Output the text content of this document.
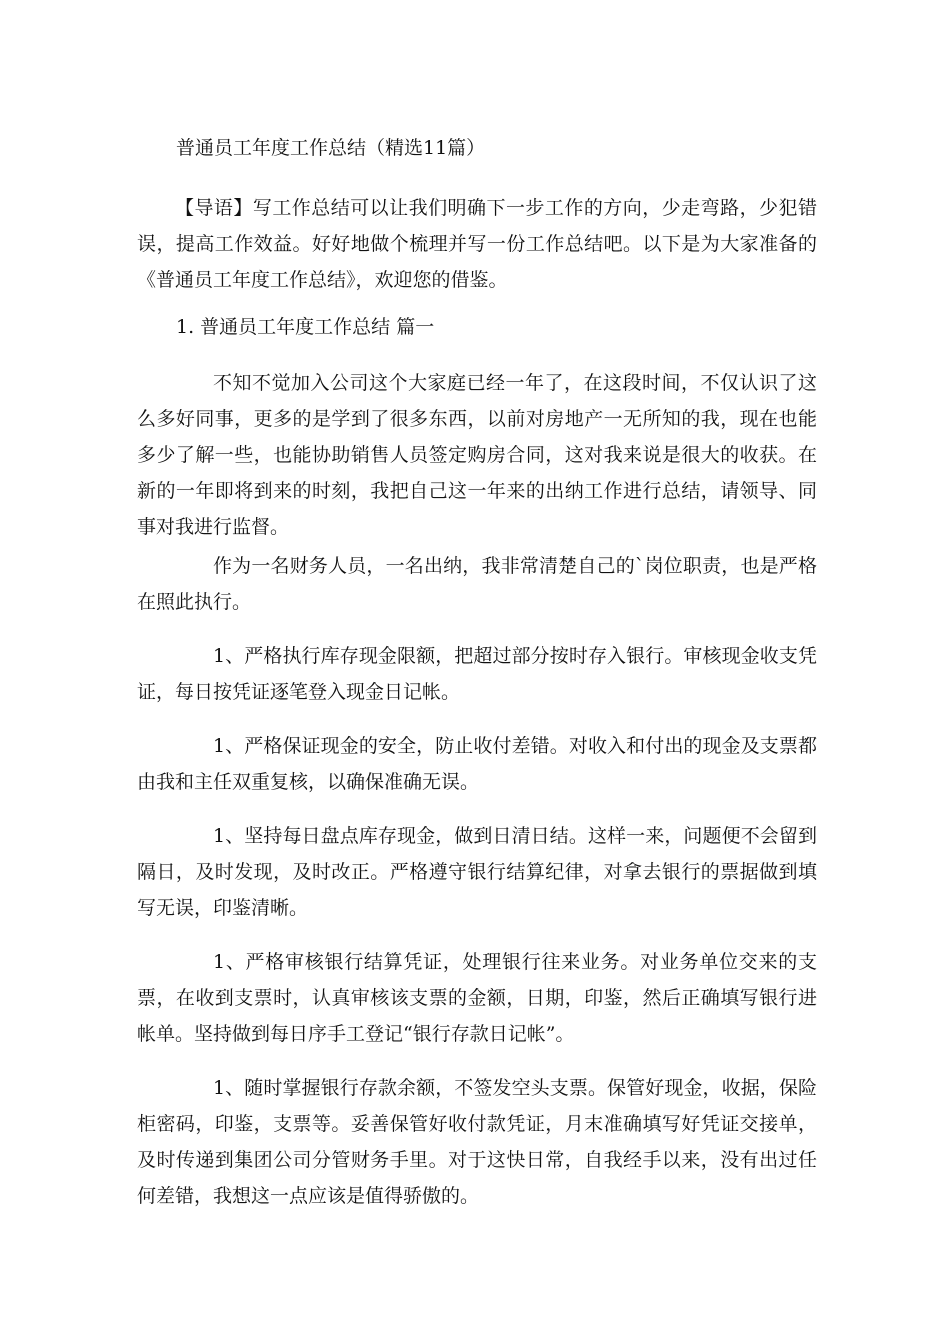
普通员工年度工作总结（精选11篇）

【导语】写工作总结可以让我们明确下一步工作的方向，少走弯路，少犯错误，提高工作效益。好好地做个梳理并写一份工作总结吧。以下是为大家准备的《普通员工年度工作总结》，欢迎您的借鉴。

1. 普通员工年度工作总结 篇一

不知不觉加入公司这个大家庭已经一年了，在这段时间，不仅认识了这么多好同事，更多的是学到了很多东西，以前对房地产一无所知的我，现在也能多少了解一些，也能协助销售人员签定购房合同，这对我来说是很大的收获。在新的一年即将到来的时刻，我把自己这一年来的出纳工作进行总结，请领导、同事对我进行监督。

作为一名财务人员，一名出纳，我非常清楚自己的`岗位职责，也是严格在照此执行。

1、严格执行库存现金限额，把超过部分按时存入银行。审核现金收支凭证，每日按凭证逐笔登入现金日记帐。

1、严格保证现金的安全，防止收付差错。对收入和付出的现金及支票都由我和主任双重复核，以确保准确无误。

1、坚持每日盘点库存现金，做到日清日结。这样一来，问题便不会留到隔日，及时发现，及时改正。严格遵守银行结算纪律，对拿去银行的票据做到填写无误，印鉴清晰。

1、严格审核银行结算凭证，处理银行往来业务。对业务单位交来的支票，在收到支票时，认真审核该支票的金额，日期，印鉴，然后正确填写银行进帐单。坚持做到每日序手工登记“银行存款日记帐”。

1、随时掌握银行存款余额，不签发空头支票。保管好现金，收据，保险柜密码，印鉴，支票等。妥善保管好收付款凭证，月末准确填写好凭证交接单，及时传递到集团公司分管财务手里。对于这快日常，自我经手以来，没有出过任何差错，我想这一点应该是值得骄傲的。
